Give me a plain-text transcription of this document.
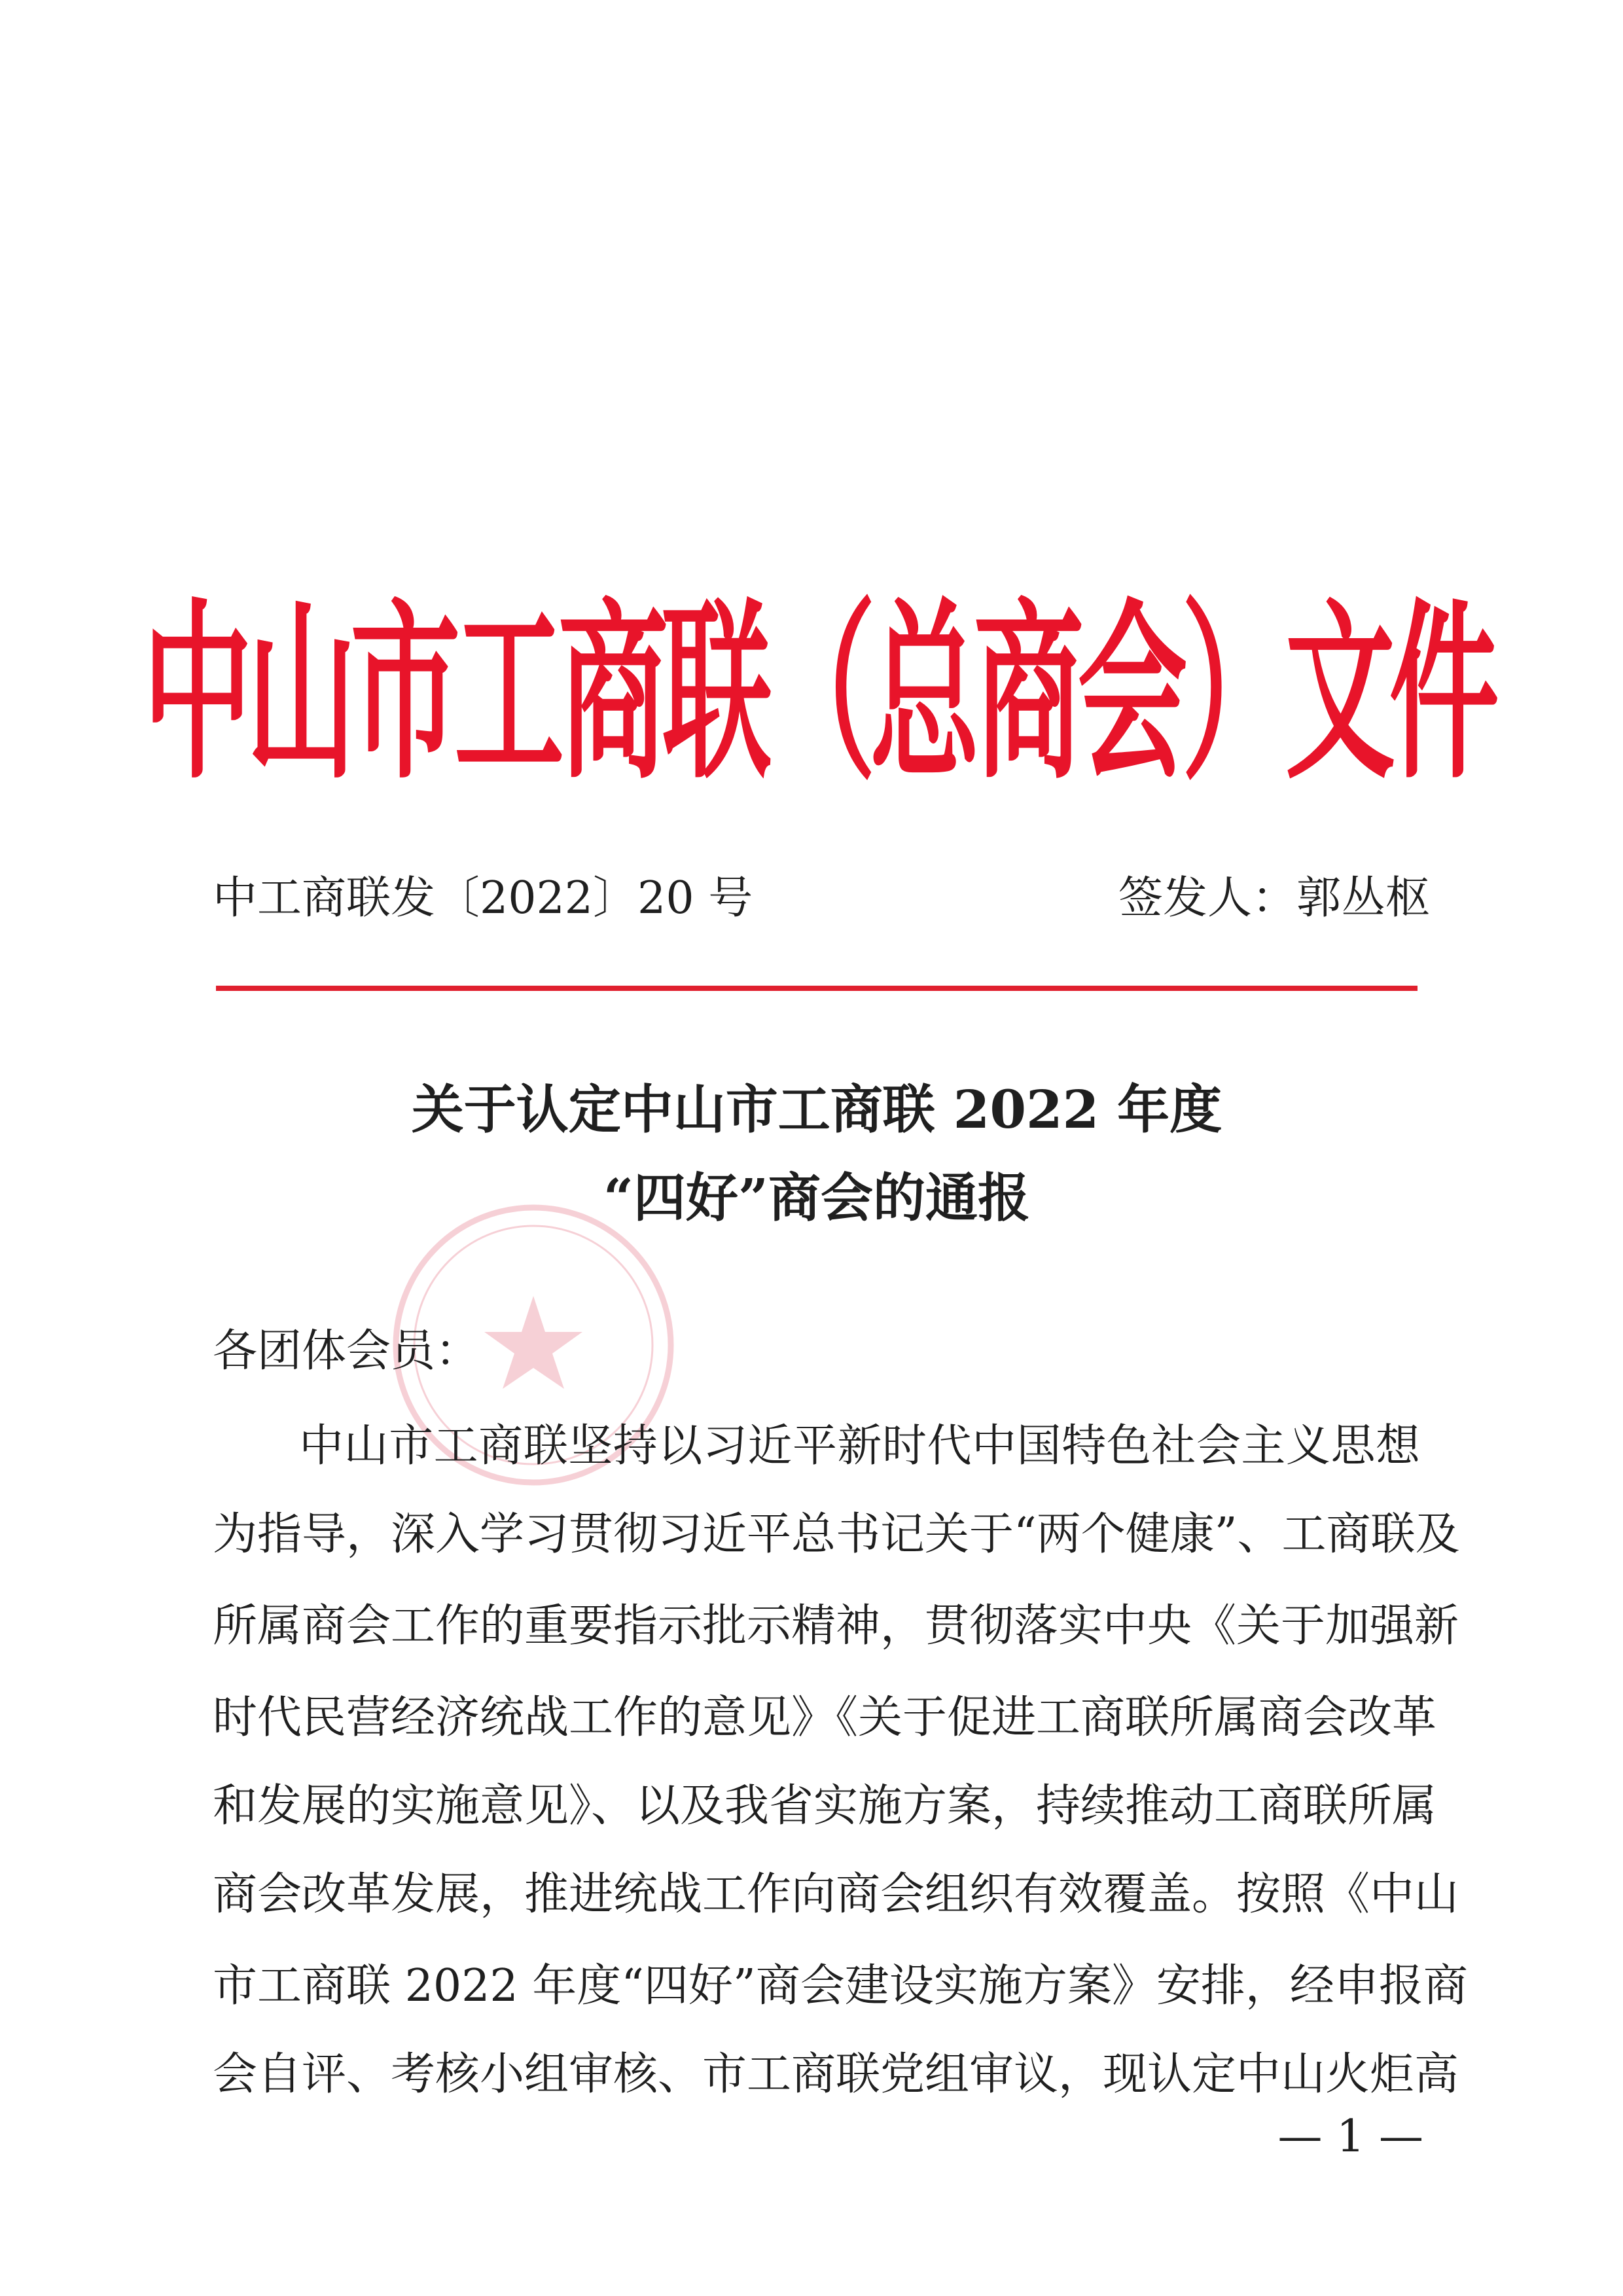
中山市工商联（总商会）文件
中工商联发〔2022〕20 号	签发人：郭丛枢
关于认定中山市工商联 2022 年度
“四好”商会的通报
各团体会员：
中山市工商联坚持以习近平新时代中国特色社会主义思想
为指导，深入学习贯彻习近平总书记关于“两个健康”、工商联及
所属商会工作的重要指示批示精神，贯彻落实中央《关于加强新
时代民营经济统战工作的意见》《关于促进工商联所属商会改革
和发展的实施意见》、以及我省实施方案，持续推动工商联所属
商会改革发展，推进统战工作向商会组织有效覆盖。按照《中山
市工商联 2022 年度“四好”商会建设实施方案》安排，经申报商
会自评、考核小组审核、市工商联党组审议，现认定中山火炬高
— 1 —
